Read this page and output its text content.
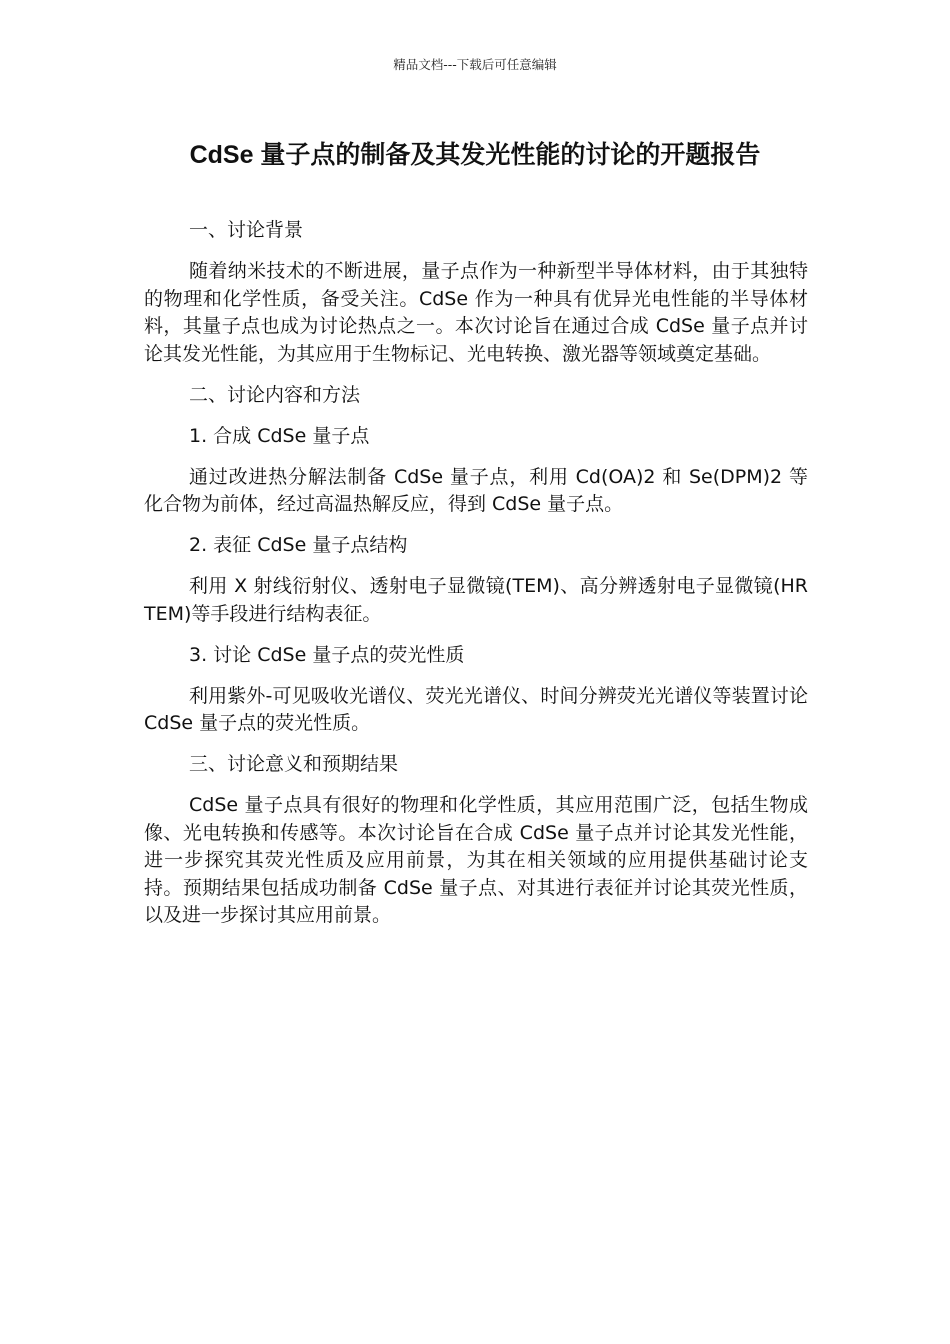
精品文档---下载后可任意编辑
CdSe 量子点的制备及其发光性能的讨论的开题报告

一、讨论背景

随着纳米技术的不断进展，量子点作为一种新型半导体材料，由于其独特的物理和化学性质，备受关注。CdSe 作为一种具有优异光电性能的半导体材料，其量子点也成为讨论热点之一。本次讨论旨在通过合成 CdSe 量子点并讨论其发光性能，为其应用于生物标记、光电转换、激光器等领域奠定基础。

二、讨论内容和方法

1. 合成 CdSe 量子点

通过改进热分解法制备 CdSe 量子点，利用 Cd(OA)2 和 Se(DPM)2 等化合物为前体，经过高温热解反应，得到 CdSe 量子点。

2. 表征 CdSe 量子点结构

利用 X 射线衍射仪、透射电子显微镜(TEM)、高分辨透射电子显微镜(HRTEM)等手段进行结构表征。

3. 讨论 CdSe 量子点的荧光性质

利用紫外-可见吸收光谱仪、荧光光谱仪、时间分辨荧光光谱仪等装置讨论 CdSe 量子点的荧光性质。

三、讨论意义和预期结果

CdSe 量子点具有很好的物理和化学性质，其应用范围广泛，包括生物成像、光电转换和传感等。本次讨论旨在合成 CdSe 量子点并讨论其发光性能，进一步探究其荧光性质及应用前景，为其在相关领域的应用提供基础讨论支持。预期结果包括成功制备 CdSe 量子点、对其进行表征并讨论其荧光性质，以及进一步探讨其应用前景。
